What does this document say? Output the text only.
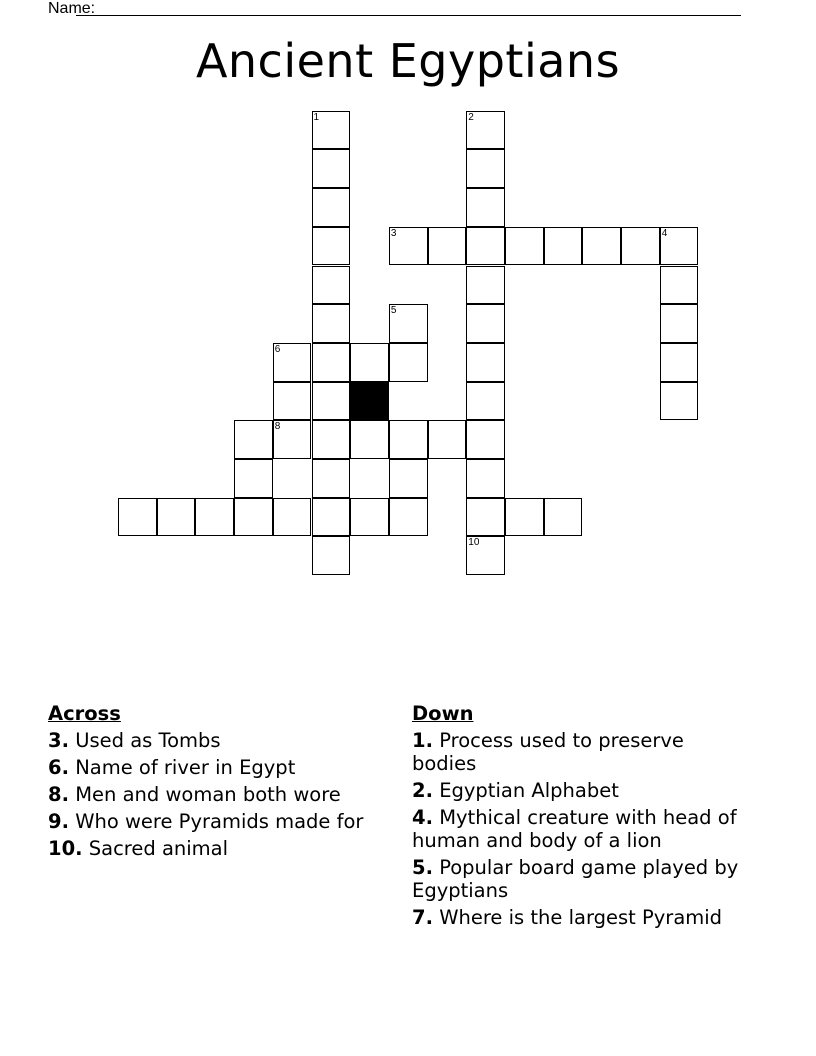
Name:
Ancient Egyptians
1	2
10
3	4
5
6
8
Across
3. Used as Tombs
6. Name of river in Egypt
8. Men and woman both wore
9. Who were Pyramids made for
10. Sacred animal
Down
1. Process used to preserve bodies
2. Egyptian Alphabet
4. Mythical creature with head of human and body of a lion
5. Popular board game played by Egyptians
7. Where is the largest Pyramid
